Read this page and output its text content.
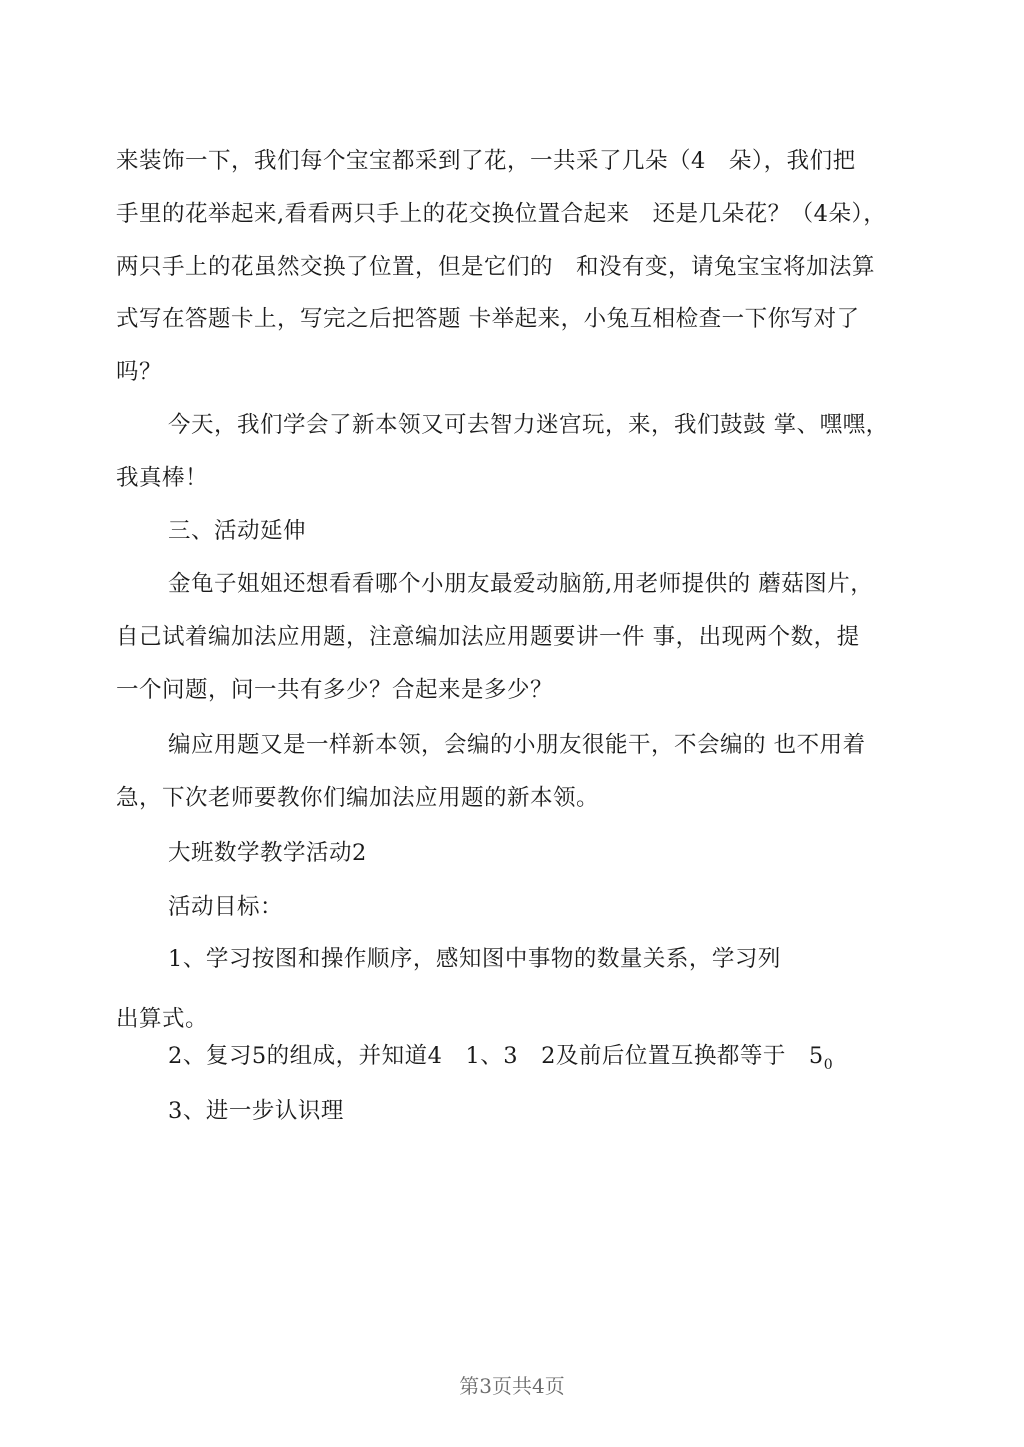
来装饰一下，我们每个宝宝都采到了花，一共采了几朵（4　朵），我们把
手里的花举起来,看看两只手上的花交换位置合起来　还是几朵花？（4朵），
两只手上的花虽然交换了位置，但是它们的　和没有变，请兔宝宝将加法算
式写在答题卡上，写完之后把答题 卡举起来，小兔互相检查一下你写对了
吗？
今天，我们学会了新本领又可去智力迷宫玩，来，我们鼓鼓 掌、嘿嘿，
我真棒！
三、活动延伸
金龟子姐姐还想看看哪个小朋友最爱动脑筋,用老师提供的 蘑菇图片，
自己试着编加法应用题，注意编加法应用题要讲一件 事，出现两个数，提
一个问题，问一共有多少？合起来是多少？
编应用题又是一样新本领，会编的小朋友很能干，不会编的 也不用着
急，下次老师要教你们编加法应用题的新本领。
大班数学教学活动2
活动目标：
1、学习按图和操作顺序，感知图中事物的数量关系，学习列
出算式。
2、复习5的组成，并知道4　1、3　2及前后位置互换都等于　$5_0$
3、进一步认识理
第3页共4页
